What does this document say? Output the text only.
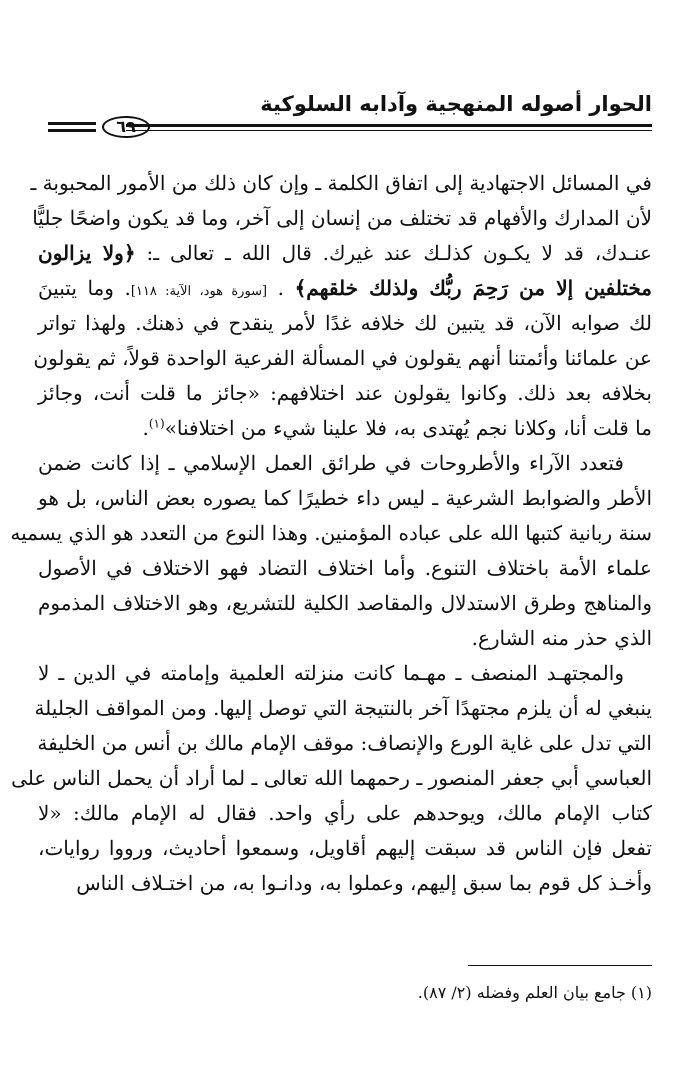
الحوار أصوله المنهجية وآدابه السلوكية
٦٩
في المسائل الاجتهادية إلى اتفاق الكلمة ـ وإن كان ذلك من الأمور المحبوبة ـ
لأن المدارك والأفهام قد تختلف من إنسان إلى آخر، وما قد يكون واضحًا جليًّا
عنـدك، قد لا يكـون كذلـك عند غيرك. قال الله ـ تعالى ـ: ﴿ولا يزالون
مختلفين إلا من رَحِمَ ربُّك ولذلك خلقهم﴾ . [سورة هود، الآية: ١١٨]. وما يتبينَ
لك صوابه الآن، قد يتبين لك خلافه غدًا لأمر ينقدح في ذهنك. ولهذا تواتر
عن علمائنا وأئمتنا أنهم يقولون في المسألة الفرعية الواحدة قولاً، ثم يقولون
بخلافه بعد ذلك. وكانوا يقولون عند اختلافهم: «جائز ما قلت أنت، وجائز
ما قلت أنا، وكلانا نجم يُهتدى به، فلا علينا شيء من اختلافنا»$^{(١)}$.
فتعدد الآراء والأطروحات في طرائق العمل الإسلامي ـ إذا كانت ضمن
الأطر والضوابط الشرعية ـ ليس داء خطيرًا كما يصوره بعض الناس، بل هو
سنة ربانية كتبها الله على عباده المؤمنين. وهذا النوع من التعدد هو الذي يسميه
علماء الأمة باختلاف التنوع. وأما اختلاف التضاد فهو الاختلاف في الأصول
والمناهج وطرق الاستدلال والمقاصد الكلية للتشريع، وهو الاختلاف المذموم
الذي حذر منه الشارع.
والمجتهـد المنصف ـ مهـما كانت منزلته العلمية وإمامته في الدين ـ لا
ينبغي له أن يلزم مجتهدًا آخر بالنتيجة التي توصل إليها. ومن المواقف الجليلة
التي تدل على غاية الورع والإنصاف: موقف الإمام مالك بن أنس من الخليفة
العباسي أبي جعفر المنصور ـ رحمهما الله تعالى ـ لما أراد أن يحمل الناس على
كتاب الإمام مالك، ويوحدهم على رأي واحد. فقال له الإمام مالك: «لا
تفعل فإن الناس قد سبقت إليهم أقاويل، وسمعوا أحاديث، ورووا روايات،
وأخـذ كل قوم بما سبق إليهم، وعملوا به، ودانـوا به، من اختـلاف الناس
(١) جامع بيان العلم وفضله (٢/ ٨٧).
